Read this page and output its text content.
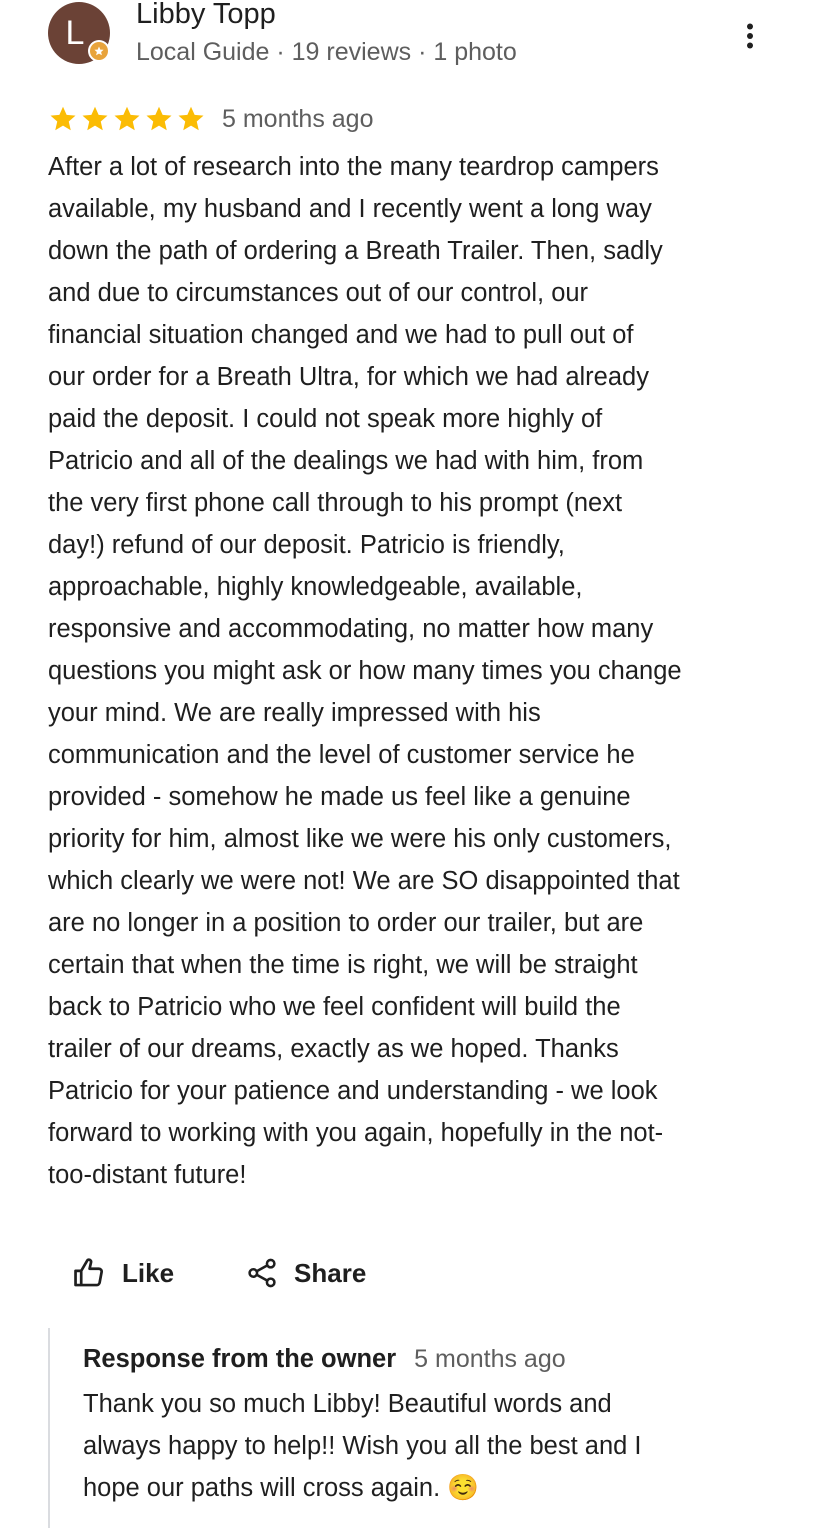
L	Libby Topp
Local Guide · 19 reviews · 1 photo
5 months ago

After a lot of research into the many teardrop campers
available, my husband and I recently went a long way
down the path of ordering a Breath Trailer. Then, sadly
and due to circumstances out of our control, our
financial situation changed and we had to pull out of
our order for a Breath Ultra, for which we had already
paid the deposit. I could not speak more highly of
Patricio and all of the dealings we had with him, from
the very first phone call through to his prompt (next
day!) refund of our deposit. Patricio is friendly,
approachable, highly knowledgeable, available,
responsive and accommodating, no matter how many
questions you might ask or how many times you change
your mind. We are really impressed with his
communication and the level of customer service he
provided - somehow he made us feel like a genuine
priority for him, almost like we were his only customers,
which clearly we were not! We are SO disappointed that
are no longer in a position to order our trailer, but are
certain that when the time is right, we will be straight
back to Patricio who we feel confident will build the
trailer of our dreams, exactly as we hoped. Thanks
Patricio for your patience and understanding - we look
forward to working with you again, hopefully in the not-
too-distant future!

Like	Share
Response from the owner 5 months ago
Thank you so much Libby! Beautiful words and
always happy to help!! Wish you all the best and I
hope our paths will cross again. ☺️
